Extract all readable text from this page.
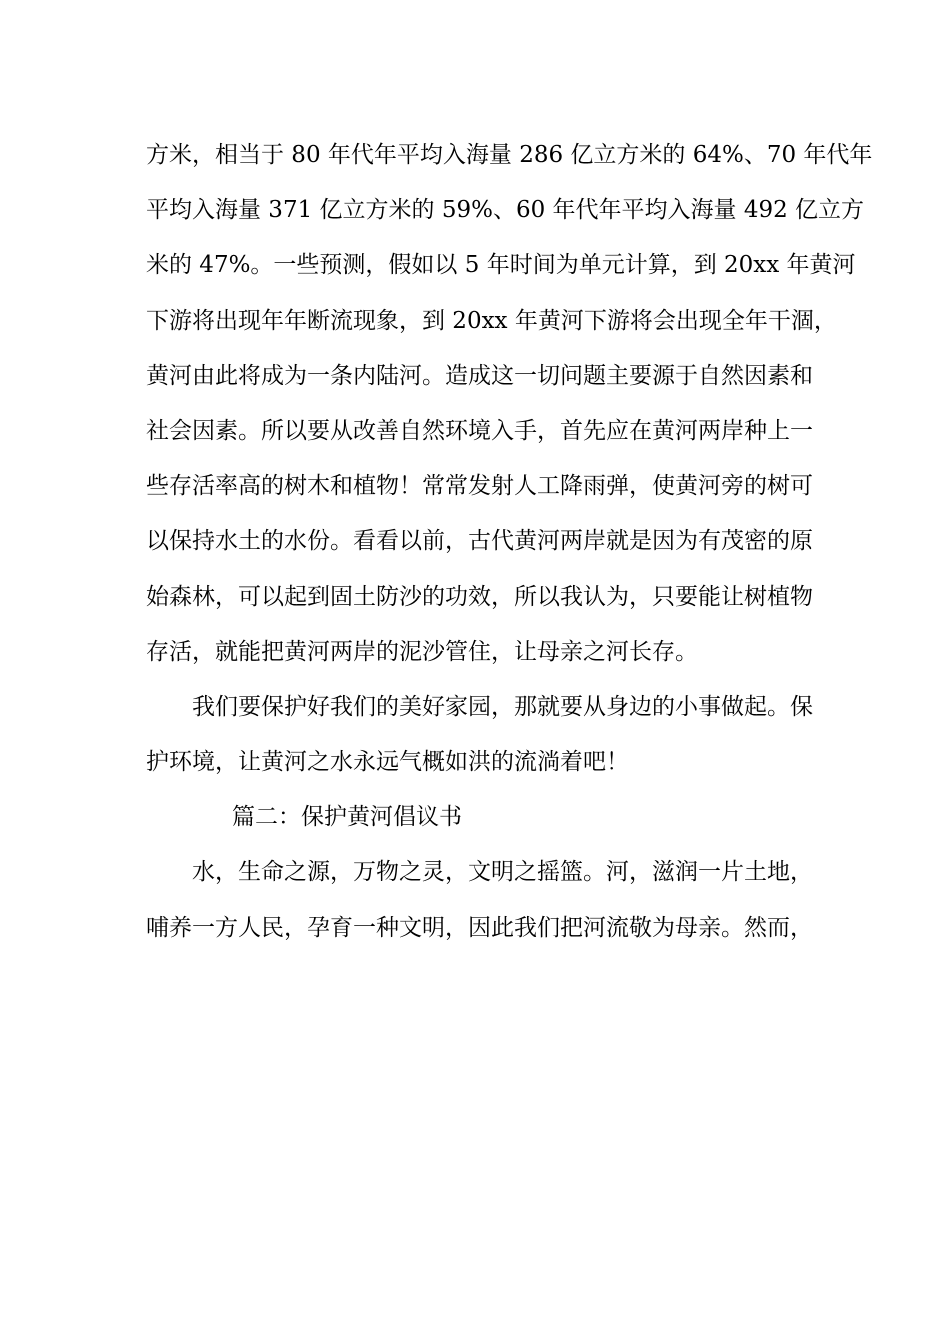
方米，相当于 80 年代年平均入海量 286 亿立方米的 64%、70 年代年
平均入海量 371 亿立方米的 59%、60 年代年平均入海量 492 亿立方
米的 47%。一些预测，假如以 5 年时间为单元计算，到 20xx 年黄河
下游将出现年年断流现象，到 20xx 年黄河下游将会出现全年干涸，
黄河由此将成为一条内陆河。造成这一切问题主要源于自然因素和
社会因素。所以要从改善自然环境入手，首先应在黄河两岸种上一
些存活率高的树木和植物！常常发射人工降雨弹，使黄河旁的树可
以保持水土的水份。看看以前，古代黄河两岸就是因为有茂密的原
始森林，可以起到固土防沙的功效，所以我认为，只要能让树植物
存活，就能把黄河两岸的泥沙管住，让母亲之河长存。
我们要保护好我们的美好家园，那就要从身边的小事做起。保
护环境，让黄河之水永远气概如洪的流淌着吧！
篇二：保护黄河倡议书
水，生命之源，万物之灵，文明之摇篮。河，滋润一片土地，
哺养一方人民，孕育一种文明，因此我们把河流敬为母亲。然而，
